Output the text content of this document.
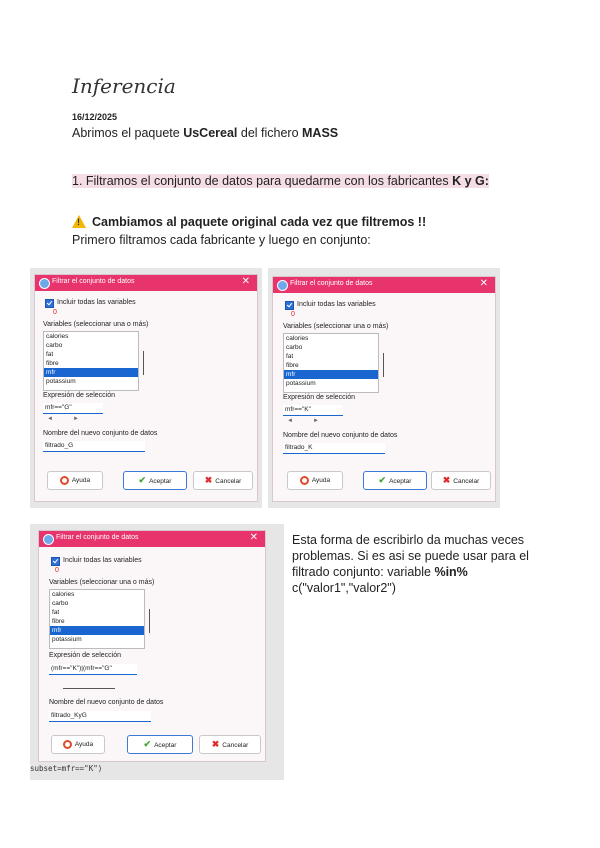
Inferencia
16/12/2025
Abrimos el paquete UsCereal del fichero MASS
1. Filtramos el conjunto de datos para quedarme con los fabricantes K y G:
!Cambiamos al paquete original cada vez que filtremos !!
Primero filtramos cada fabricante y luego en conjunto:
Filtrar el conjunto de datos	✕
Incluir todas las variables
0
Variables (seleccionar una o más)
calories
carbo
fat
fibre
mfr
potassium
Expresión de selección
mfr=="G"
◄            ►
Nombre del nuevo conjunto de datos
filtrado_G
Ayuda	✔ Aceptar	✖ Cancelar
Filtrar el conjunto de datos	✕
Incluir todas las variables
0
Variables (seleccionar una o más)
calories
carbo
fat
fibre
mfr
potassium
Expresión de selección
mfr=="K"
◄            ►
Nombre del nuevo conjunto de datos
filtrado_K
Ayuda	✔ Aceptar	✖ Cancelar
Filtrar el conjunto de datos	✕
Incluir todas las variables
0
Variables (seleccionar una o más)
calories
carbo
fat
fibre
mfr
potassium
Expresión de selección
(mfr=="K")|(mfr=="G"
Nombre del nuevo conjunto de datos
filtrado_KyG
Ayuda	✔ Aceptar	✖ Cancelar
subset=mfr=="K")
Esta forma de escribirlo da muchas veces problemas. Si es asi se puede usar para el filtrado conjunto: variable %in% c("valor1","valor2")
